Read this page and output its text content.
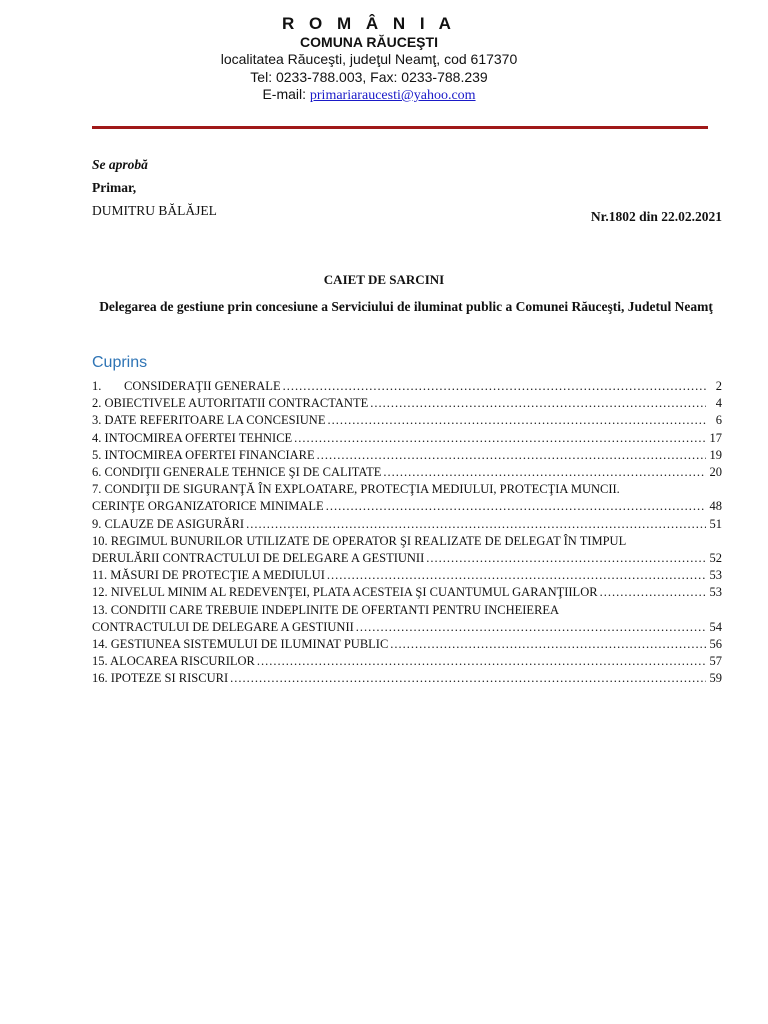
R O M Â N I A
COMUNA RĂUCEŞTI
localitatea Răuceşti, judeţul Neamţ, cod 617370
Tel: 0233-788.003, Fax: 0233-788.239
E-mail: primariaraucesti@yahoo.com
Se aprobă
Primar,
DUMITRU BĂLĂJEL	Nr.1802 din 22.02.2021
CAIET DE SARCINI
Delegarea de gestiune prin concesiune a Serviciului de iluminat public a Comunei Răuceşti, Judetul Neamţ
Cuprins
1. CONSIDERAŢII GENERALE .....	2
2. OBIECTIVELE AUTORITATII CONTRACTANTE .....	4
3. DATE REFERITOARE LA CONCESIUNE .....	6
4. INTOCMIREA OFERTEI TEHNICE .....	17
5. INTOCMIREA OFERTEI FINANCIARE .....	19
6. CONDIŢII GENERALE TEHNICE ŞI DE CALITATE .....	20
7. CONDIŢII DE SIGURANŢĂ ÎN EXPLOATARE, PROTECŢIA MEDIULUI, PROTECŢIA MUNCII.
CERINŢE ORGANIZATORICE MINIMALE .....	48
9. CLAUZE DE ASIGURĂRI .....	51
10. REGIMUL BUNURILOR UTILIZATE DE OPERATOR ŞI REALIZATE DE DELEGAT ÎN TIMPUL
DERULĂRII CONTRACTULUI DE DELEGARE A GESTIUNII .....	52
11. MĂSURI DE PROTECŢIE A MEDIULUI .....	53
12. NIVELUL MINIM AL REDEVENŢEI, PLATA ACESTEIA ŞI CUANTUMUL GARANŢIILOR .....	53
13. CONDITII CARE TREBUIE INDEPLINITE DE OFERTANTI PENTRU INCHEIEREA
CONTRACTULUI DE DELEGARE A GESTIUNII .....	54
14. GESTIUNEA SISTEMULUI DE ILUMINAT PUBLIC .....	56
15. ALOCAREA RISCURILOR .....	57
16. IPOTEZE SI RISCURI .....	59
